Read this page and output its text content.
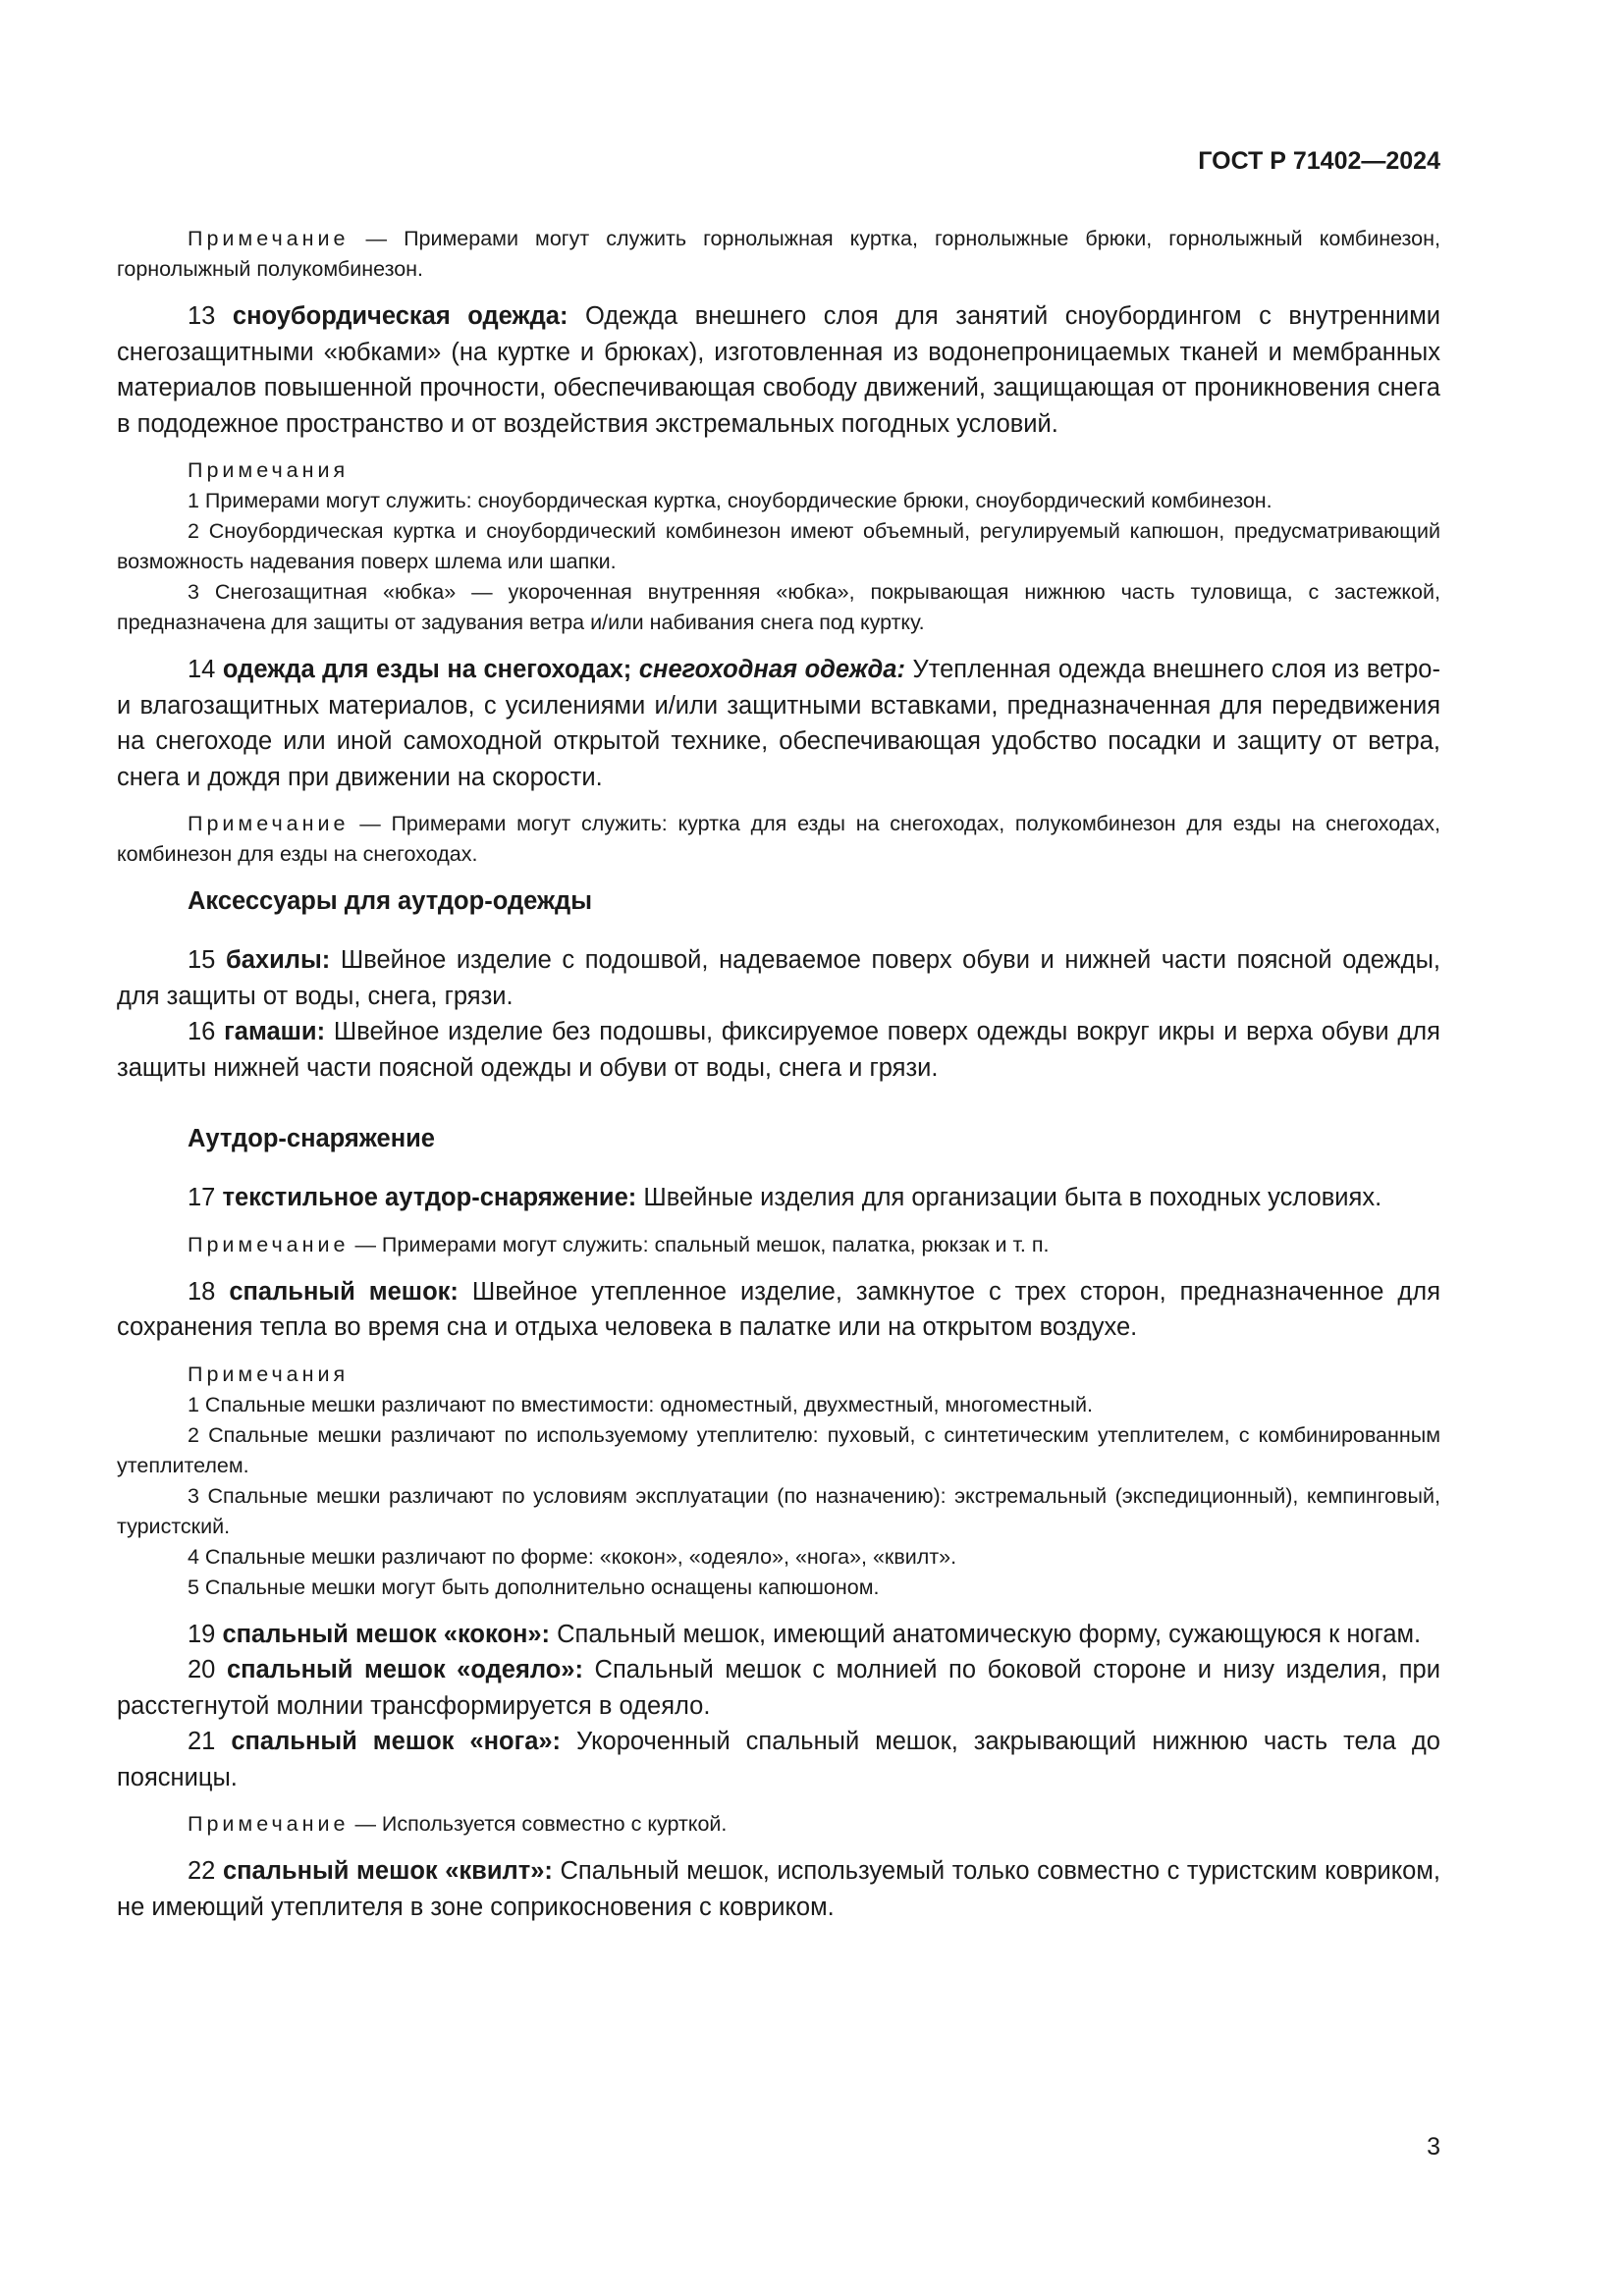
ГОСТ Р 71402—2024

Примечание — Примерами могут служить горнолыжная куртка, горнолыжные брюки, горнолыжный комбинезон, горнолыжный полукомбинезон.

13 сноубордическая одежда: Одежда внешнего слоя для занятий сноубордингом с внутренними снегозащитными «юбками» (на куртке и брюках), изготовленная из водонепроницаемых тканей и мембранных материалов повышенной прочности, обеспечивающая свободу движений, защищающая от проникновения снега в пододежное пространство и от воздействия экстремальных погодных условий.

Примечания

1 Примерами могут служить: сноубордическая куртка, сноубордические брюки, сноубордический комбинезон.

2 Сноубордическая куртка и сноубордический комбинезон имеют объемный, регулируемый капюшон, предусматривающий возможность надевания поверх шлема или шапки.

3 Снегозащитная «юбка» — укороченная внутренняя «юбка», покрывающая нижнюю часть туловища, с застежкой, предназначена для защиты от задувания ветра и/или набивания снега под куртку.

14 одежда для езды на снегоходах; снегоходная одежда: Утепленная одежда внешнего слоя из ветро- и влагозащитных материалов, с усилениями и/или защитными вставками, предназначенная для передвижения на снегоходе или иной самоходной открытой технике, обеспечивающая удобство посадки и защиту от ветра, снега и дождя при движении на скорости.

Примечание — Примерами могут служить: куртка для езды на снегоходах, полукомбинезон для езды на снегоходах, комбинезон для езды на снегоходах.

Аксессуары для аутдор-одежды

15 бахилы: Швейное изделие с подошвой, надеваемое поверх обуви и нижней части поясной одежды, для защиты от воды, снега, грязи.

16 гамаши: Швейное изделие без подошвы, фиксируемое поверх одежды вокруг икры и верха обуви для защиты нижней части поясной одежды и обуви от воды, снега и грязи.

Аутдор-снаряжение

17 текстильное аутдор-снаряжение: Швейные изделия для организации быта в походных условиях.

Примечание — Примерами могут служить: спальный мешок, палатка, рюкзак и т. п.

18 спальный мешок: Швейное утепленное изделие, замкнутое с трех сторон, предназначенное для сохранения тепла во время сна и отдыха человека в палатке или на открытом воздухе.

Примечания

1 Спальные мешки различают по вместимости: одноместный, двухместный, многоместный.

2 Спальные мешки различают по используемому утеплителю: пуховый, с синтетическим утеплителем, с комбинированным утеплителем.

3 Спальные мешки различают по условиям эксплуатации (по назначению): экстремальный (экспедиционный), кемпинговый, туристский.

4 Спальные мешки различают по форме: «кокон», «одеяло», «нога», «квилт».

5 Спальные мешки могут быть дополнительно оснащены капюшоном.

19 спальный мешок «кокон»: Спальный мешок, имеющий анатомическую форму, сужающуюся к ногам.

20 спальный мешок «одеяло»: Спальный мешок с молнией по боковой стороне и низу изделия, при расстегнутой молнии трансформируется в одеяло.

21 спальный мешок «нога»: Укороченный спальный мешок, закрывающий нижнюю часть тела до поясницы.

Примечание — Используется совместно с курткой.

22 спальный мешок «квилт»: Спальный мешок, используемый только совместно с туристским ковриком, не имеющий утеплителя в зоне соприкосновения с ковриком.

3
